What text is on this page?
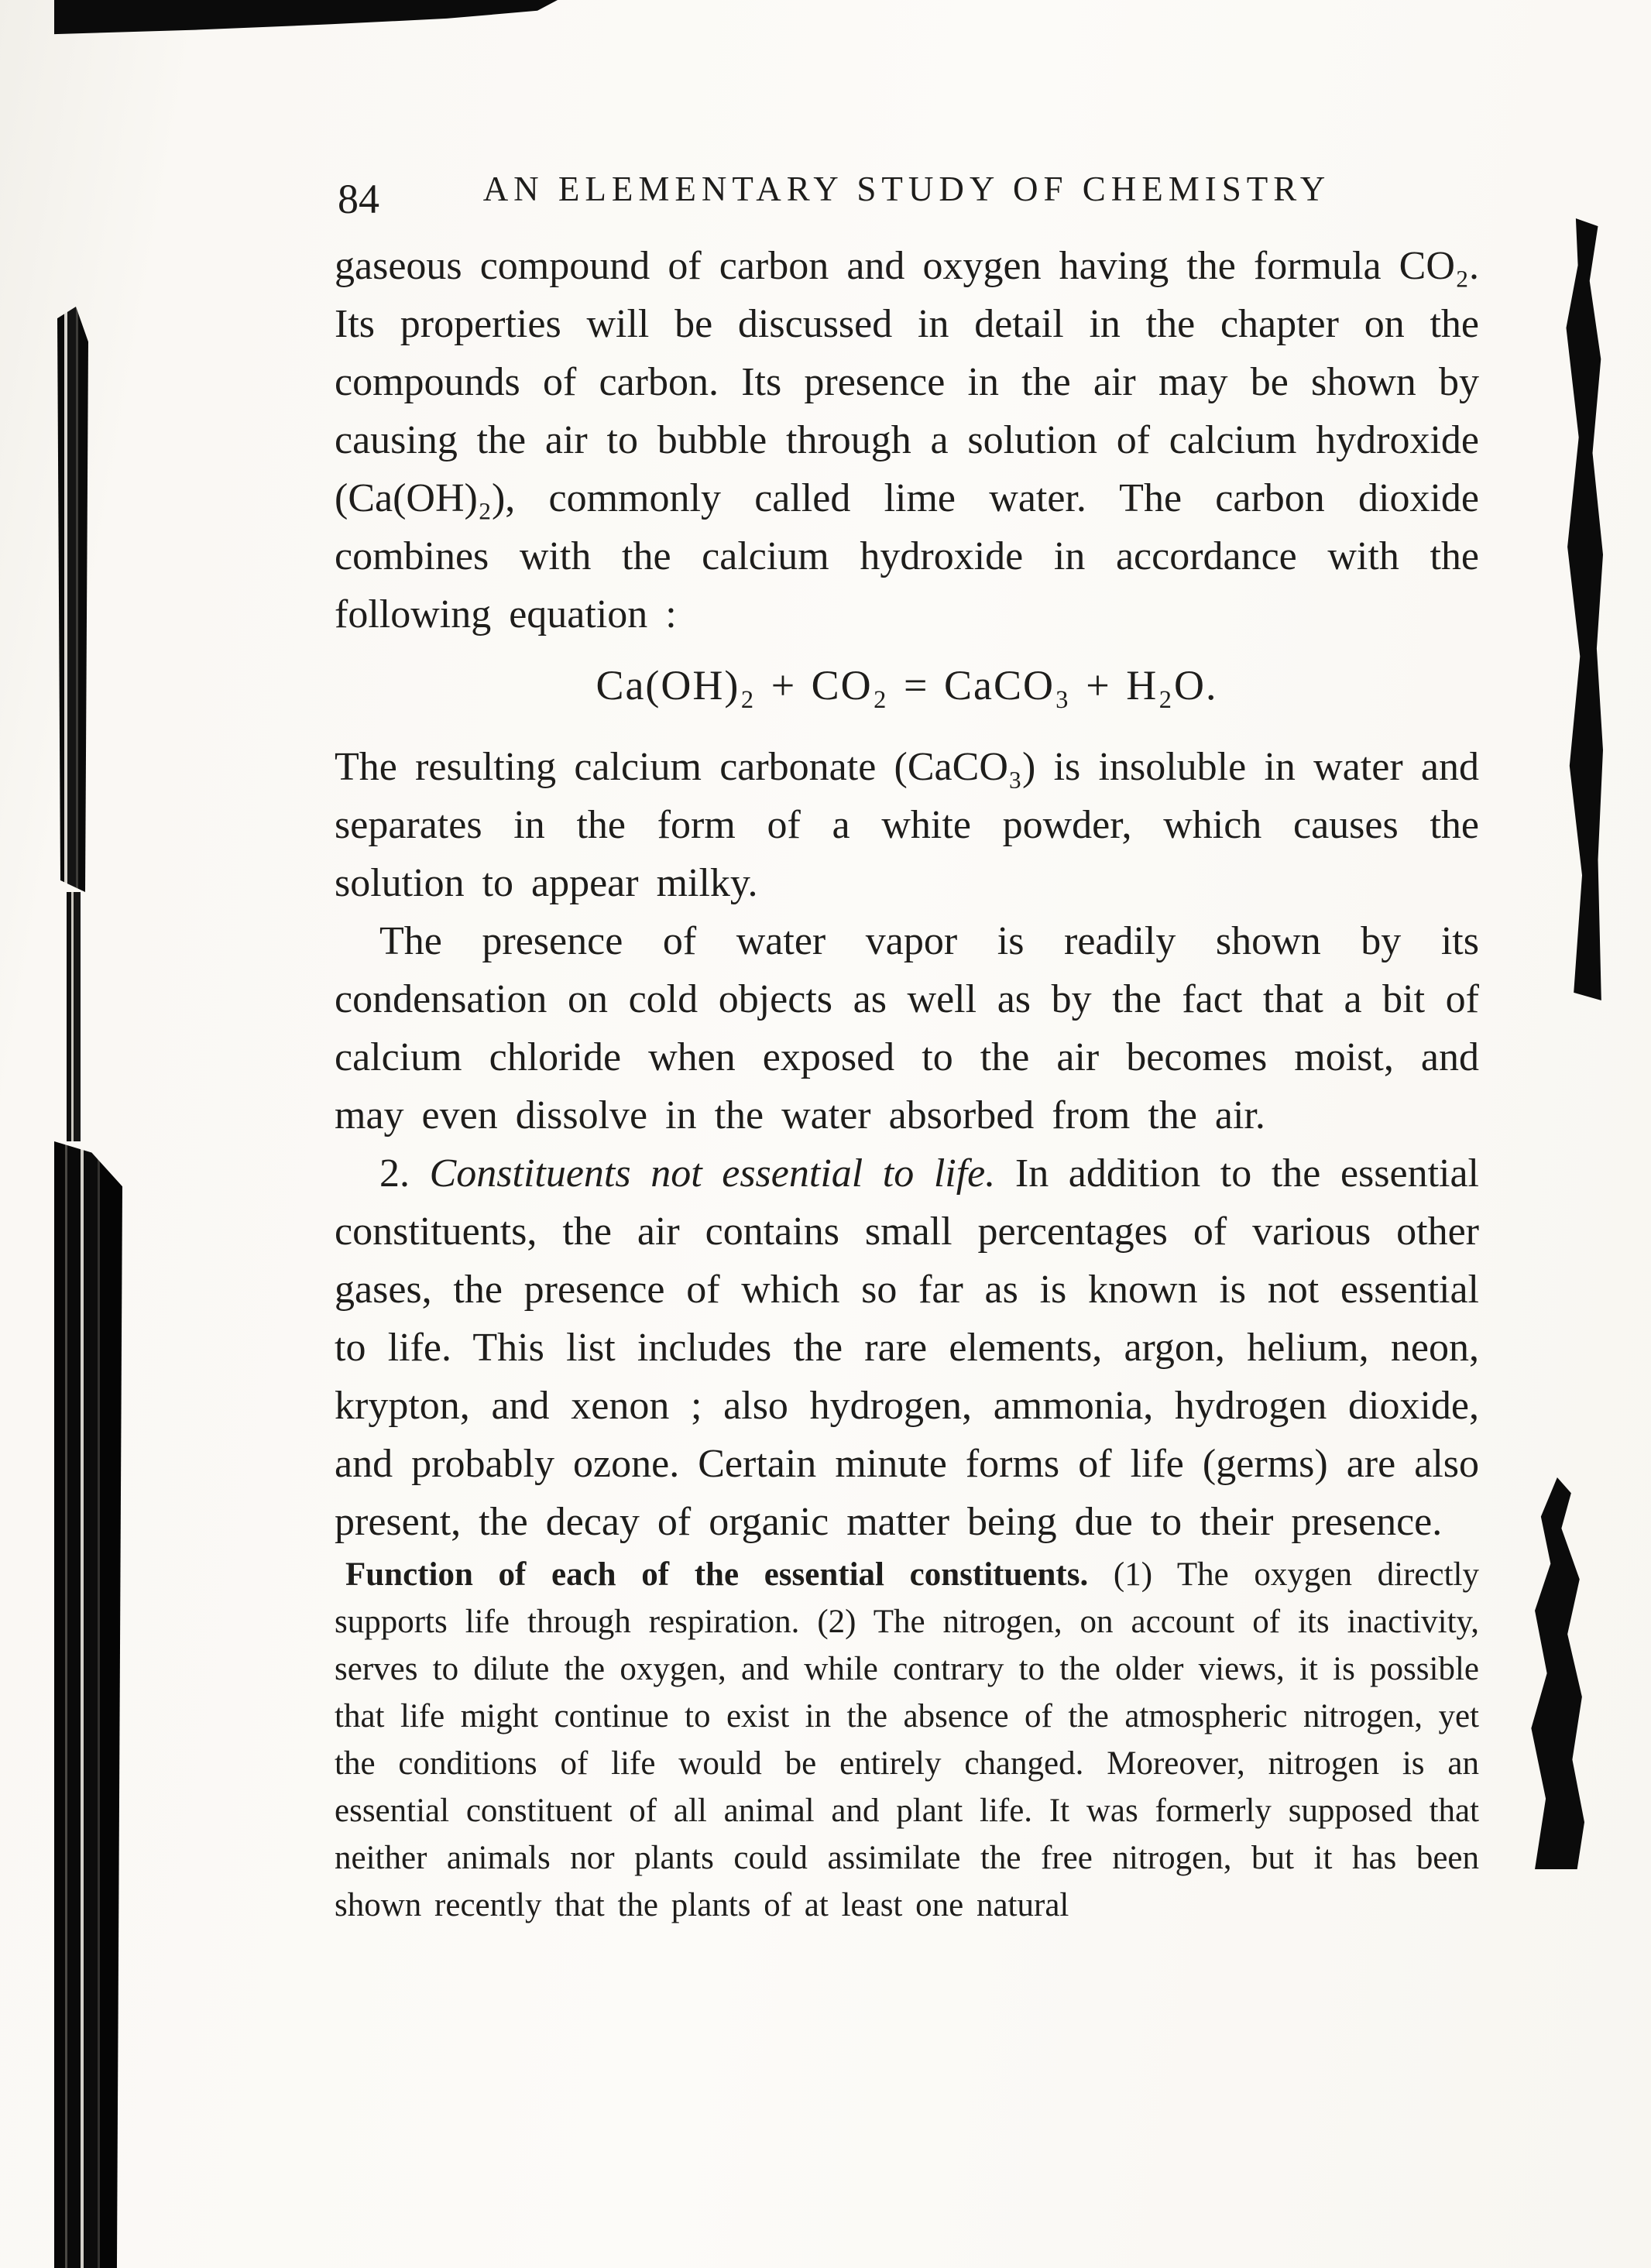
84	AN ELEMENTARY STUDY OF CHEMISTRY

gaseous compound of carbon and oxygen having the formula CO₂. Its properties will be discussed in detail in the chapter on the compounds of carbon. Its presence in the air may be shown by causing the air to bubble through a solution of calcium hydroxide (Ca(OH)₂), commonly called lime water. The carbon dioxide combines with the calcium hydroxide in accordance with the following equation :

Ca(OH)₂ + CO₂ = CaCO₃ + H₂O.

The resulting calcium carbonate (CaCO₃) is insoluble in water and separates in the form of a white powder, which causes the solution to appear milky.

The presence of water vapor is readily shown by its condensation on cold objects as well as by the fact that a bit of calcium chloride when exposed to the air becomes moist, and may even dissolve in the water absorbed from the air.

2. Constituents not essential to life. In addition to the essential constituents, the air contains small percentages of various other gases, the presence of which so far as is known is not essential to life. This list includes the rare elements, argon, helium, neon, krypton, and xenon ; also hydrogen, ammonia, hydrogen dioxide, and probably ozone. Certain minute forms of life (germs) are also present, the decay of organic matter being due to their presence.

Function of each of the essential constituents. (1) The oxygen directly supports life through respiration. (2) The nitrogen, on account of its inactivity, serves to dilute the oxygen, and while contrary to the older views, it is possible that life might continue to exist in the absence of the atmospheric nitrogen, yet the conditions of life would be entirely changed. Moreover, nitrogen is an essential constituent of all animal and plant life. It was formerly supposed that neither animals nor plants could assimilate the free nitrogen, but it has been shown recently that the plants of at least one natural
